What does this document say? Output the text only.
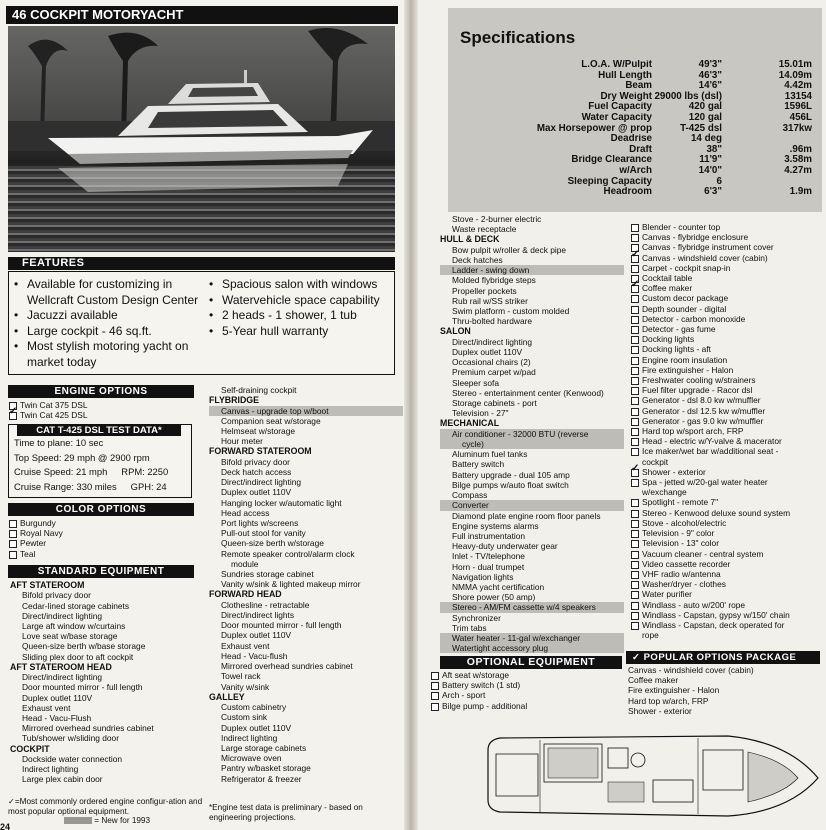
46 COCKPIT MOTORYACHT
FEATURES
• Available for customizing in Wellcraft Custom Design Center
• Jacuzzi available
• Large cockpit - 46 sq.ft.
• Most stylish motoring yacht on market today
• Spacious salon with windows
• Watervehicle space capability
• 2 heads - 1 shower, 1 tub
• 5-Year hull warranty
ENGINE OPTIONS
Twin Cat 375 DSL
Twin Cat 425 DSL ✓
CAT T-425 DSL TEST DATA*
Time to plane: 10 sec
Top Speed: 29 mph @ 2900 rpm
Cruise Speed: 21 mph RPM: 2250
Cruise Range: 330 miles GPH: 24
COLOR OPTIONS
Burgundy
Royal Navy
Pewter
Teal
STANDARD EQUIPMENT
AFT STATEROOM
Bifold privacy door
Cedar-lined storage cabinets
Direct/indirect lighting
Large aft window w/curtains
Love seat w/base storage
Queen-size berth w/base storage
Sliding plex door to aft cockpit
AFT STATEROOM HEAD
Direct/indirect lighting
Door mounted mirror - full length
Duplex outlet 110V
Exhaust vent
Head - Vacu-Flush
Mirrored overhead sundries cabinet
Tub/shower w/sliding door
COCKPIT
Dockside water connection
Indirect lighting
Large plex cabin door
Self-draining cockpit
FLYBRIDGE
Canvas - upgrade top w/boot
Companion seat w/storage
Helmseat w/storage
Hour meter
FORWARD STATEROOM
Bifold privacy door
Deck hatch access
Direct/indirect lighting
Duplex outlet 110V
Hanging locker w/automatic light
Head access
Port lights w/screens
Pull-out stool for vanity
Queen-size berth w/storage
Remote speaker control/alarm clock
module
Sundries storage cabinet
Vanity w/sink & lighted makeup mirror
FORWARD HEAD
Clothesline - retractable
Direct/indirect lights
Door mounted mirror - full length
Duplex outlet 110V
Exhaust vent
Head - Vacu-flush
Mirrored overhead sundries cabinet
Towel rack
Vanity w/sink
GALLEY
Custom cabinetry
Custom sink
Duplex outlet 110V
Indirect lighting
Large storage cabinets
Microwave oven
Pantry w/basket storage
Refrigerator & freezer
✓=Most commonly ordered engine configur-ation and most popular optional equipment.
= New for 1993
*Engine test data is preliminary - based on engineering projections.
24
Specifications
L.O.A. W/Pulpit	49'3"	15.01m
Hull Length	46'3"	14.09m
Beam	14'6"	4.42m
Dry Weight 29000 lbs (dsl)	13154
Fuel Capacity	420 gal	1596L
Water Capacity	120 gal	456L
Max Horsepower @ prop	T-425 dsl	317kw
Deadrise	14 deg
Draft	38"	.96m
Bridge Clearance	11'9"	3.58m
w/Arch	14'0"	4.27m
Sleeping Capacity	6
Headroom	6'3"	1.9m
Stove - 2-burner electric
Waste receptacle
HULL & DECK
Bow pulpit w/roller & deck pipe
Deck hatches
Ladder - swing down
Molded flybridge steps
Propeller pockets
Rub rail w/SS striker
Swim platform - custom molded
Thru-bolted hardware
SALON
Direct/indirect lighting
Duplex outlet 110V
Occasional chairs (2)
Premium carpet w/pad
Sleeper sofa
Stereo - entertainment center (Kenwood)
Storage cabinets - port
Television - 27"
MECHANICAL
Air conditioner - 32000 BTU (reverse
cycle)
Aluminum fuel tanks
Battery switch
Battery upgrade - dual 105 amp
Bilge pumps w/auto float switch
Compass
Converter
Diamond plate engine room floor panels
Engine systems alarms
Full instrumentation
Heavy-duty underwater gear
Inlet - TV/telephone
Horn - dual trumpet
Navigation lights
NMMA yacht certification
Shore power (50 amp)
Stereo - AM/FM cassette w/4 speakers
Synchronizer
Trim tabs
Water heater - 11-gal w/exchanger
Watertight accessory plug
OPTIONAL EQUIPMENT
Aft seat w/storage
Battery switch (1 std)
Arch - sport
Bilge pump - additional
Blender - counter top
Canvas - flybridge enclosure
Canvas - flybridge instrument cover
Canvas - windshield cover (cabin) ✓
Carpet - cockpit snap-in
Cocktail table
Coffee maker ✓
Custom decor package
Depth sounder - digital
Detector - carbon monoxide
Detector - gas fume
Docking lights
Docking lights - aft
Engine room insulation
Fire extinguisher - Halon
Freshwater cooling w/strainers
Fuel filter upgrade - Racor dsl
Generator - dsl 8.0 kw w/muffler
Generator - dsl 12.5 kw w/muffler
Generator - gas 9.0 kw w/muffler
Hard top w/sport arch, FRP
Head - electric w/Y-valve & macerator
Ice maker/wet bar w/additional seat -
cockpit
Shower - exterior ✓
Spa - jetted w/20-gal water heater
w/exchange
Spotlight - remote 7"
Stereo - Kenwood deluxe sound system
Stove - alcohol/electric
Television - 9" color
Television - 13" color
Vacuum cleaner - central system
Video cassette recorder
VHF radio w/antenna
Washer/dryer - clothes
Water purifier
Windlass - auto w/200' rope
Windlass - Capstan, gypsy w/150' chain
Windlass - Capstan, deck operated for
rope
✓ POPULAR OPTIONS PACKAGE
Canvas - windshield cover (cabin)
Coffee maker
Fire extinguisher - Halon
Hard top w/arch, FRP
Shower - exterior
